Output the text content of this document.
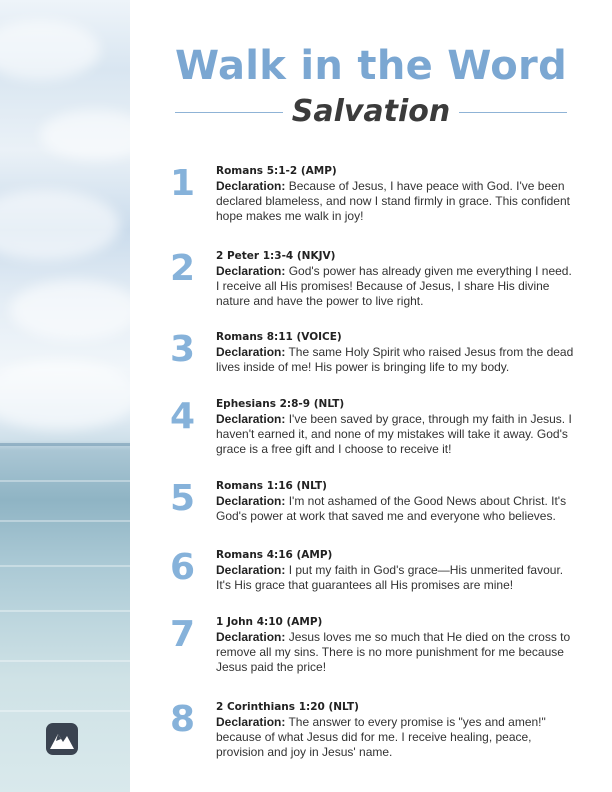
Walk in the Word
Salvation
1	Romans 5:1-2 (AMP)
Declaration: Because of Jesus, I have peace with God. I've been declared blameless, and now I stand firmly in grace. This confident hope makes me walk in joy!
2	2 Peter 1:3-4 (NKJV)
Declaration: God's power has already given me everything I need. I receive all His promises! Because of Jesus, I share His divine nature and have the power to live right.
3	Romans 8:11 (VOICE)
Declaration: The same Holy Spirit who raised Jesus from the dead lives inside of me! His power is bringing life to my body.
4	Ephesians 2:8-9 (NLT)
Declaration: I've been saved by grace, through my faith in Jesus. I haven't earned it, and none of my mistakes will take it away. God's grace is a free gift and I choose to receive it!
5	Romans 1:16 (NLT)
Declaration: I'm not ashamed of the Good News about Christ. It's God's power at work that saved me and everyone who believes.
6	Romans 4:16 (AMP)
Declaration: I put my faith in God's grace—His unmerited favour. It's His grace that guarantees all His promises are mine!
7	1 John 4:10 (AMP)
Declaration: Jesus loves me so much that He died on the cross to remove all my sins. There is no more punishment for me because Jesus paid the price!
8	2 Corinthians 1:20 (NLT)
Declaration: The answer to every promise is "yes and amen!" because of what Jesus did for me. I receive healing, peace, provision and joy in Jesus' name.
